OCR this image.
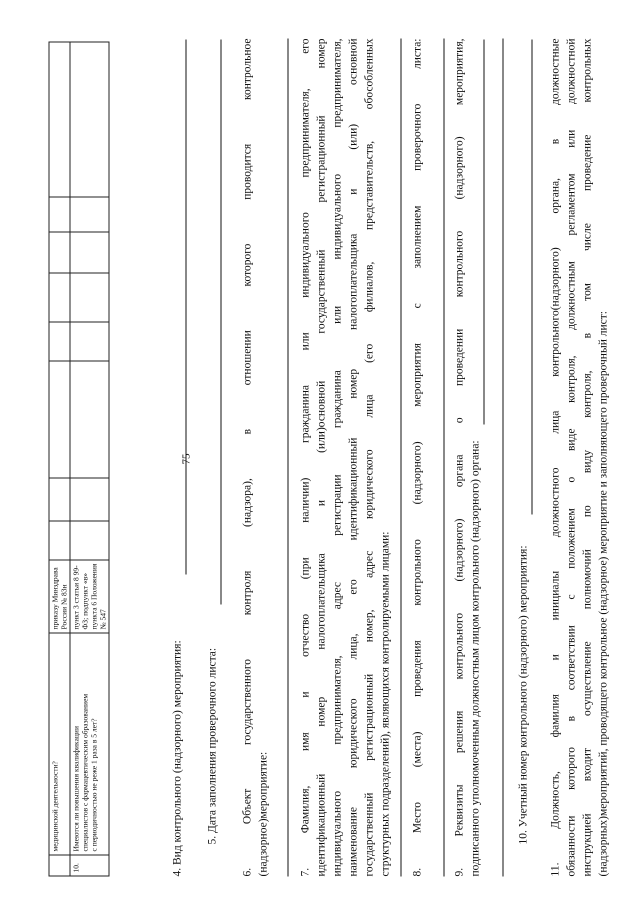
75
	медицинской деятельности?	приказу Минздрава России № 83н								
10.	Имеются ли повышения квалификации специалистов с фармацевтическим образованием с периодичностью не реже 1 раза в 5 лет?	пункт 3 статьи 8 99-ФЗ; подпункт «в» пункта 6 Положения № 547								
4. Вид контрольного (надзорного) мероприятия: 5. Дата заполнения проверочного листа: 6. Объект государственного контроля (надзора), в отношении которого проводится контрольное (надзорное)мероприятие:	7. Фамилия, имя и отчество (при наличии) гражданина или индивидуального предпринимателя, его идентификационный номер налогоплательщика и (или)основной государственный регистрационный номер индивидуального предпринимателя, адрес регистрации гражданина или индивидуального предпринимателя, наименование юридического лица, его идентификационный номер налогоплательщика и (или) основной государственный регистрационный номер, адрес юридического лица (его филиалов, представительств, обособленных структурных подразделений), являющихся контролируемыми лицами: 8. Место (места) проведения контрольного (надзорного) мероприятия с заполнением проверочного листа:	9. Реквизиты решения контрольного (надзорного) органа о проведении контрольного (надзорного) мероприятия, подписанного уполномоченным должностным лицом контрольного (надзорного) органа:	10. Учетный номер контрольного (надзорного) мероприятия: 11. Должность, фамилия и инициалы должностного лица контрольного(надзорного) органа, в должностные обязанности которого в соответствии с положением о виде контроля, должностным регламентом или должностной инструкцией входит осуществление полномочий по виду контроля, в том числе проведение контрольных (надзорных)мероприятий, проводящего контрольное (надзорное) мероприятие и заполняющего проверочный лист:
